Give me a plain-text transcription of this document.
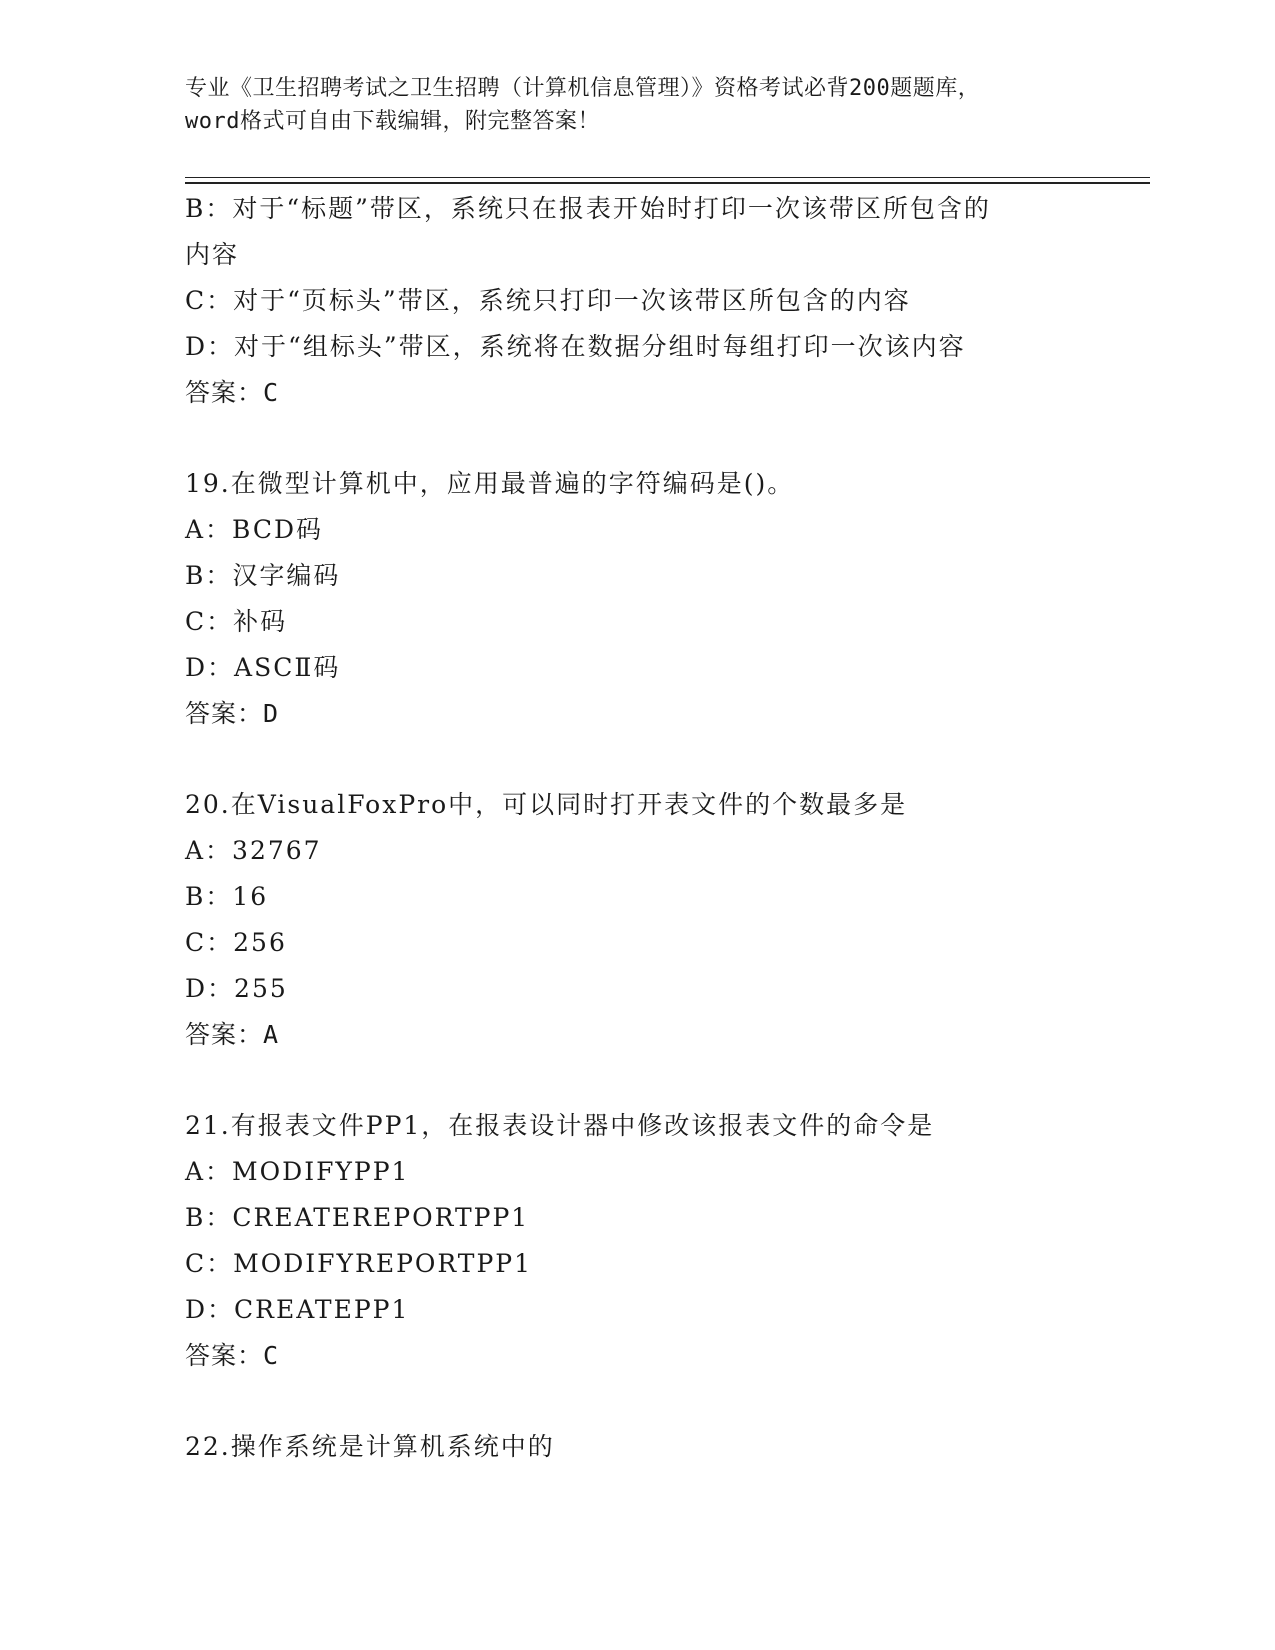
专业《卫生招聘考试之卫生招聘（计算机信息管理）》资格考试必背200题题库，
word格式可自由下载编辑，附完整答案！
B：对于“标题”带区，系统只在报表开始时打印一次该带区所包含的
内容
C：对于“页标头”带区，系统只打印一次该带区所包含的内容
D：对于“组标头”带区，系统将在数据分组时每组打印一次该内容
答案：C
19.在微型计算机中，应用最普遍的字符编码是()。
A：BCD码
B：汉字编码
C：补码
D：ASCⅡ码
答案：D
20.在VisualFoxPro中，可以同时打开表文件的个数最多是
A：32767
B：16
C：256
D：255
答案：A
21.有报表文件PP1，在报表设计器中修改该报表文件的命令是
A：MODIFYPP1
B：CREATEREPORTPP1
C：MODIFYREPORTPP1
D：CREATEPP1
答案：C
22.操作系统是计算机系统中的
